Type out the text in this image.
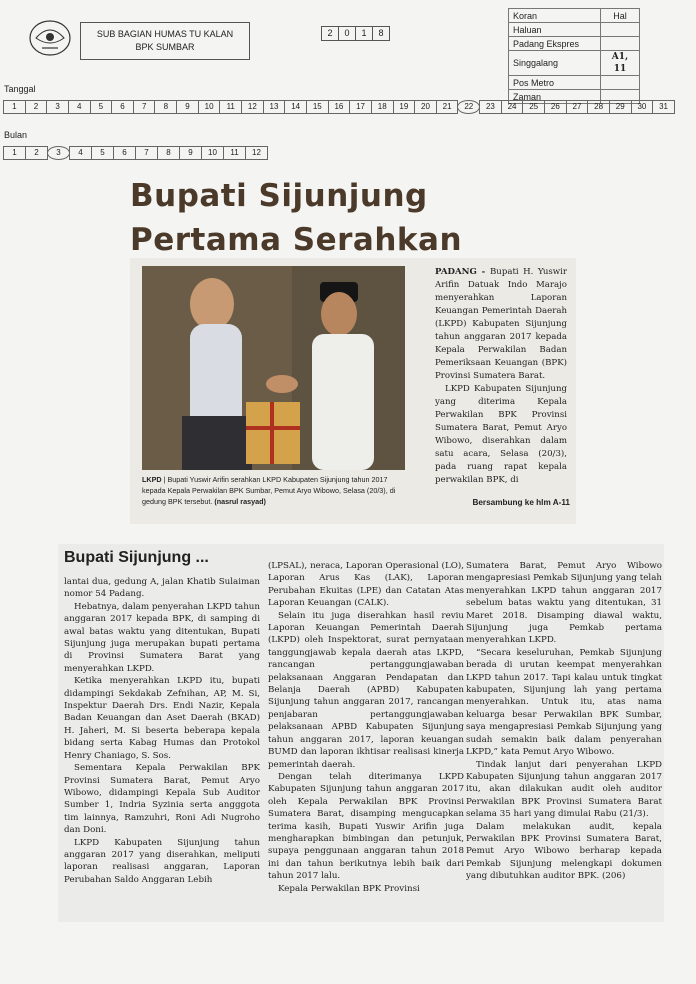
SUB BAGIAN HUMAS TU KALAN
BPK SUMBAR
2	0	1	8
Koran	Hal
Haluan	
Padang Ekspres	
Singgalang	A1, 11
Pos Metro	
Zaman	
Tanggal
1	2	3	4	5	6	7	8	9	10	11	12	13	14	15	16	17	18	19	20	21	22	23	24	25	26	27	28	29	30	31
Bulan
1	2	3	4	5	6	7	8	9	10	11	12
Bupati Sijunjung
Pertama Serahkan
LKPD | Bupati Yuswir Arifin serahkan LKPD Kabupaten Sijunjung tahun 2017 kepada Kepala Perwakilan BPK Sumbar, Pemut Aryo Wibowo, Selasa (20/3), di gedung BPK tersebut. (nasrul rasyad)

PADANG - Bupati H. Yuswir Arifin Datuak Indo Marajo menyerahkan Laporan Keuangan Pemerintah Daerah (LKPD) Kabupaten Sijunjung tahun anggaran 2017 kepada Kepala Perwakilan Badan Pemeriksaan Keuangan (BPK) Provinsi Sumatera Barat.

LKPD Kabupaten Sijunjung yang diterima Kepala Perwakilan BPK Provinsi Sumatera Barat, Pemut Aryo Wibowo, diserahkan dalam satu acara, Selasa (20/3), pada ruang rapat kepala perwakilan BPK, di

Bersambung ke hlm A-11
Bupati Sijunjung ...

lantai dua, gedung A, jalan Khatib Sulaiman nomor 54 Padang.

Hebatnya, dalam penyerahan LKPD tahun anggaran 2017 kepada BPK, di samping di awal batas waktu yang ditentukan, Bupati Sijunjung juga merupakan bupati pertama di Provinsi Sumatera Barat yang menyerahkan LKPD.

Ketika menyerahkan LKPD itu, bupati didampingi Sekdakab Zefnihan, AP, M. Si, Inspektur Daerah Drs. Endi Nazir, Kepala Badan Keuangan dan Aset Daerah (BKAD) H. Jaheri, M. Si beserta beberapa kepala bidang serta Kabag Humas dan Protokol Henry Chaniago, S. Sos.

Sementara Kepala Perwakilan BPK Provinsi Sumatera Barat, Pemut Aryo Wibowo, didampingi Kepala Sub Auditor Sumber 1, Indria Syzinia serta angggota tim lainnya, Ramzuhri, Roni Adi Nugroho dan Doni.

LKPD Kabupaten Sijunjung tahun anggaran 2017 yang diserahkan, meliputi laporan realisasi anggaran, Laporan Perubahan Saldo Anggaran Lebih

(LPSAL), neraca, Laporan Operasional (LO), Laporan Arus Kas (LAK), Laporan Perubahan Ekuitas (LPE) dan Catatan Atas Laporan Keuangan (CALK).

Selain itu juga diserahkan hasil reviu Laporan Keuangan Pemerintah Daerah (LKPD) oleh Inspektorat, surat pernyataan tanggungjawab kepala daerah atas LKPD, rancangan pertanggungjawaban pelaksanaan Anggaran Pendapatan dan Belanja Daerah (APBD) Kabupaten Sijunjung tahun anggaran 2017, rancangan penjabaran pertanggungjawaban pelaksanaan APBD Kabupaten Sijunjung tahun anggaran 2017, laporan keuangan BUMD dan laporan ikhtisar realisasi kinerja pemerintah daerah.

Dengan telah diterimanya LKPD Kabupaten Sijunjung tahun anggaran 2017 oleh Kepala Perwakilan BPK Provinsi Sumatera Barat, disamping mengucapkan terima kasih, Bupati Yuswir Arifin juga mengharapkan bimbingan dan petunjuk, supaya penggunaan anggaran tahun 2018 ini dan tahun berikutnya lebih baik dari tahun 2017 lalu.

Kepala Perwakilan BPK Provinsi

Sumatera Barat, Pemut Aryo Wibowo mengapresiasi Pemkab Sijunjung yang telah menyerahkan LKPD tahun anggaran 2017 sebelum batas waktu yang ditentukan, 31 Maret 2018. Disamping diawal waktu, Sijunjung juga Pemkab pertama menyerahkan LKPD.

“Secara keseluruhan, Pemkab Sijunjung berada di urutan keempat menyerahkan LKPD tahun 2017. Tapi kalau untuk tingkat kabupaten, Sijunjung lah yang pertama menyerahkan. Untuk itu, atas nama keluarga besar Perwakilan BPK Sumbar, saya mengapresiasi Pemkab Sijunjung yang sudah semakin baik dalam penyerahan LKPD,” kata Pemut Aryo Wibowo.

Tindak lanjut dari penyerahan LKPD Kabupaten Sijunjung tahun anggaran 2017 itu, akan dilakukan audit oleh auditor Perwakilan BPK Provinsi Sumatera Barat selama 35 hari yang dimulai Rabu (21/3).

Dalam melakukan audit, kepala Perwakilan BPK Provinsi Sumatera Barat, Pemut Aryo Wibowo berharap kepada Pemkab Sijunjung melengkapi dokumen yang dibutuhkan auditor BPK. (206)
